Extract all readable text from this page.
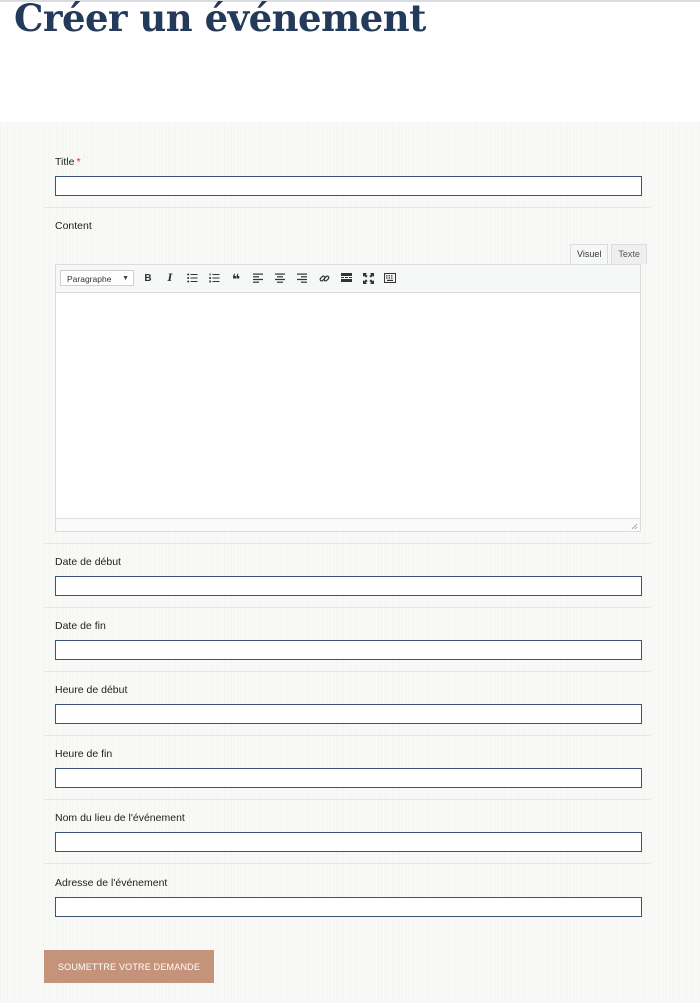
Créer un événement
Title *
Content
Visuel	Texte
Paragraphe ▼	B	I	❝
Date de début
Date de fin
Heure de début
Heure de fin
Nom du lieu de l'événement
Adresse de l'événement
SOUMETTRE VOTRE DEMANDE
